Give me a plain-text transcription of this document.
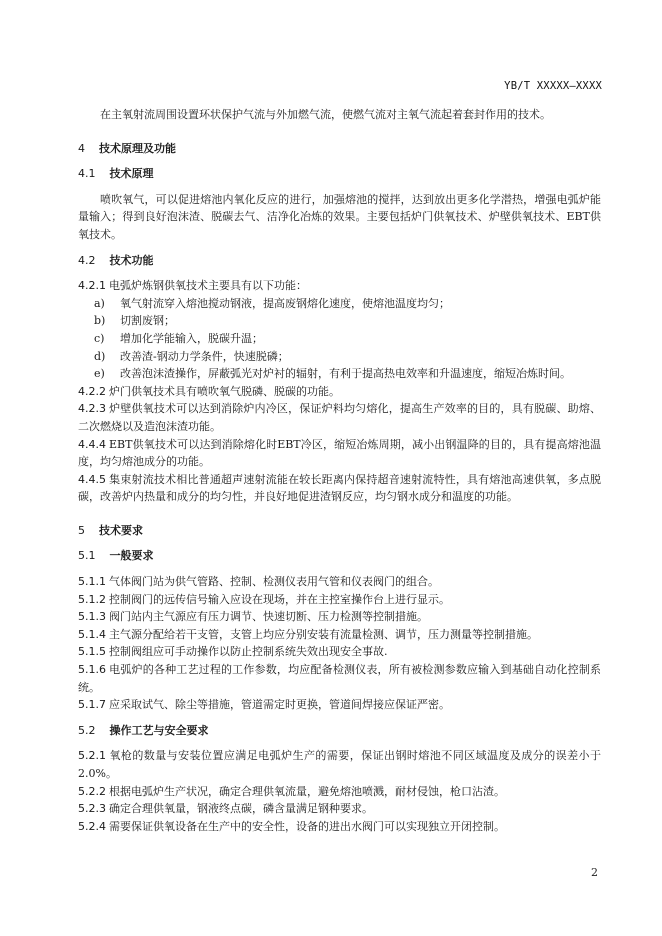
YB/T XXXXX—XXXX

在主氧射流周围设置环状保护气流与外加燃气流，使燃气流对主氧气流起着套封作用的技术。

4 技术原理及功能

4.1 技术原理

喷吹氧气，可以促进熔池内氧化反应的进行，加强熔池的搅拌，达到放出更多化学潜热，增强电弧炉能量输入；得到良好泡沫渣、脱碳去气、洁净化冶炼的效果。主要包括炉门供氧技术、炉壁供氧技术、EBT供氧技术。

4.2 技术功能

4.2.1 电弧炉炼钢供氧技术主要具有以下功能：

a)	氧气射流穿入熔池搅动钢液，提高废钢熔化速度，使熔池温度均匀；

b)	切割废钢；

c)	增加化学能输入，脱碳升温；

d)	改善渣-钢动力学条件，快速脱磷；

e)	改善泡沫渣操作，屏蔽弧光对炉衬的辐射，有利于提高热电效率和升温速度，缩短冶炼时间。

4.2.2 炉门供氧技术具有喷吹氧气脱磷、脱碳的功能。

4.2.3 炉壁供氧技术可以达到消除炉内冷区，保证炉料均匀熔化，提高生产效率的目的，具有脱碳、助熔、二次燃烧以及造泡沫渣功能。

4.4.4 EBT供氧技术可以达到消除熔化时EBT冷区，缩短冶炼周期，减小出钢温降的目的，具有提高熔池温度，均匀熔池成分的功能。

4.4.5 集束射流技术相比普通超声速射流能在较长距离内保持超音速射流特性，具有熔池高速供氧，多点脱碳，改善炉内热量和成分的均匀性，并良好地促进渣钢反应，均匀钢水成分和温度的功能。

5 技术要求

5.1 一般要求

5.1.1 气体阀门站为供气管路、控制、检测仪表用气管和仪表阀门的组合。

5.1.2 控制阀门的远传信号输入应设在现场，并在主控室操作台上进行显示。

5.1.3 阀门站内主气源应有压力调节、快速切断、压力检测等控制措施。

5.1.4 主气源分配给若干支管，支管上均应分别安装有流量检测、调节，压力测量等控制措施。

5.1.5 控制阀组应可手动操作以防止控制系统失效出现安全事故.

5.1.6 电弧炉的各种工艺过程的工作参数，均应配备检测仪表，所有被检测参数应输入到基础自动化控制系统。

5.1.7 应采取试气、除尘等措施，管道需定时更换，管道间焊接应保证严密。

5.2 操作工艺与安全要求

5.2.1 氧枪的数量与安装位置应满足电弧炉生产的需要，保证出钢时熔池不同区域温度及成分的误差小于2.0%。

5.2.2 根据电弧炉生产状况，确定合理供氧流量，避免熔池喷溅，耐材侵蚀，枪口沾渣。

5.2.3 确定合理供氧量，钢液终点碳，磷含量满足钢种要求。

5.2.4 需要保证供氧设备在生产中的安全性，设备的进出水阀门可以实现独立开闭控制。

2
